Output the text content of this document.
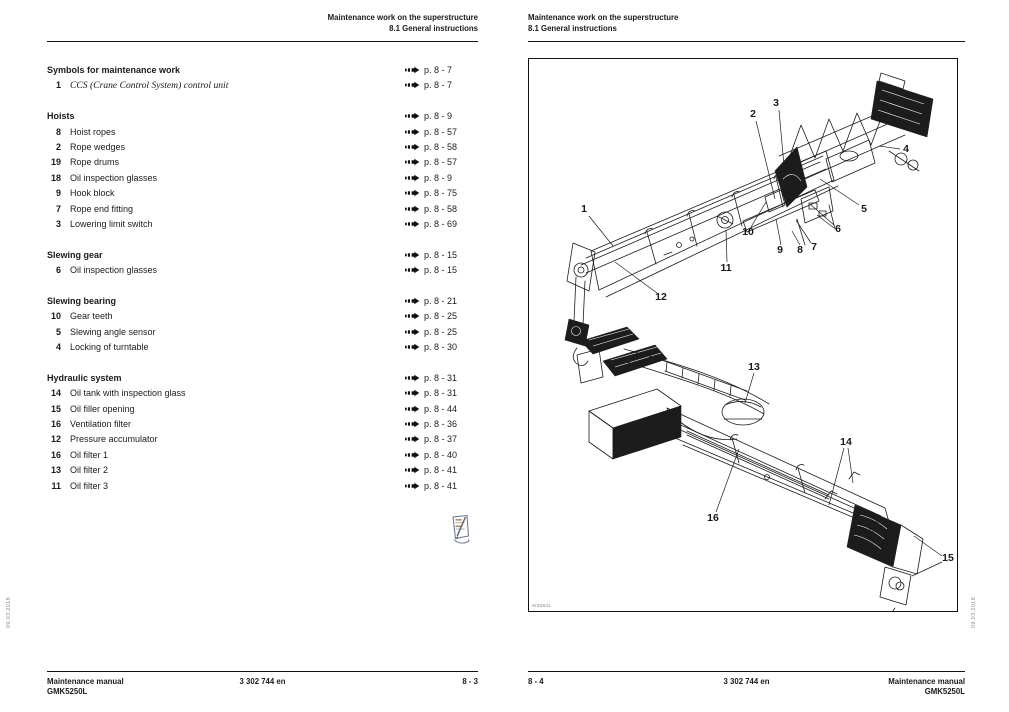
Maintenance work on the superstructure
8.1 General instructions
Symbols for maintenance work	p. 8 - 7
1 CCS (Crane Control System) control unit	p. 8 - 7
Hoists	p. 8 - 9
8 Hoist ropes	p. 8 - 57
2 Rope wedges	p. 8 - 58
19 Rope drums	p. 8 - 57
18 Oil inspection glasses	p. 8 - 9
9 Hook block	p. 8 - 75
7 Rope end fitting	p. 8 - 58
3 Lowering limit switch	p. 8 - 69
Slewing gear	p. 8 - 15
6 Oil inspection glasses	p. 8 - 15
Slewing bearing	p. 8 - 21
10 Gear teeth	p. 8 - 25
5 Slewing angle sensor	p. 8 - 25
4 Locking of turntable	p. 8 - 30
Hydraulic system	p. 8 - 31
14 Oil tank with inspection glass	p. 8 - 31
15 Oil filler opening	p. 8 - 44
16 Ventilation filter	p. 8 - 36
12 Pressure accumulator	p. 8 - 37
16 Oil filter 1	p. 8 - 40
13 Oil filter 2	p. 8 - 41
11 Oil filter 3	p. 8 - 41
Maintenance manual
GMK5250L
3 302 744 en	8 - 3
Maintenance work on the superstructure
8.1 General instructions
1
2
3
4
5
6
7
8
9
10
11
12
13
14
15
16
W30841
8 - 4	3 302 744 en	Maintenance manual
GMK5250L
09.03.2018	09.03.2018
